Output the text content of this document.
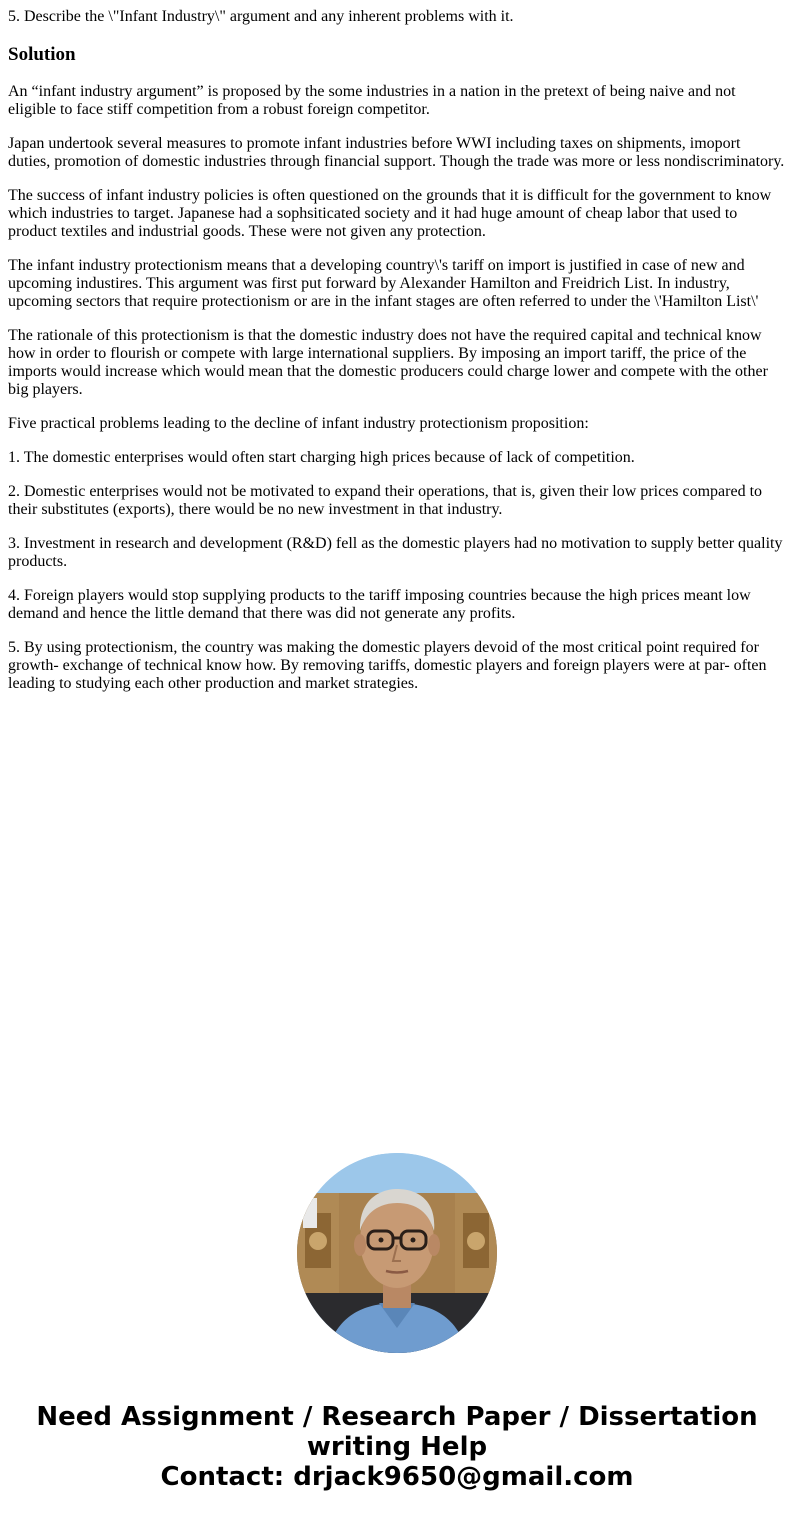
5. Describe the \"Infant Industry\" argument and any inherent problems with it.

Solution

An “infant industry argument” is proposed by the some industries in a nation in the pretext of being naive and not eligible to face stiff competition from a robust foreign competitor.

Japan undertook several measures to promote infant industries before WWI including taxes on shipments, imoport duties, promotion of domestic industries through financial support. Though the trade was more or less nondiscriminatory.

The success of infant industry policies is often questioned on the grounds that it is difficult for the government to know which industries to target. Japanese had a sophsiticated society and it had huge amount of cheap labor that used to product textiles and industrial goods. These were not given any protection.

The infant industry protectionism means that a developing country\'s tariff on import is justified in case of new and upcoming industires. This argument was first put forward by Alexander Hamilton and Freidrich List. In industry, upcoming sectors that require protectionism or are in the infant stages are often referred to under the \'Hamilton List\'

The rationale of this protectionism is that the domestic industry does not have the required capital and technical know how in order to flourish or compete with large international suppliers. By imposing an import tariff, the price of the imports would increase which would mean that the domestic producers could charge lower and compete with the other big players.

Five practical problems leading to the decline of infant industry protectionism proposition:

1. The domestic enterprises would often start charging high prices because of lack of competition.

2. Domestic enterprises would not be motivated to expand their operations, that is, given their low prices compared to their substitutes (exports), there would be no new investment in that industry.

3. Investment in research and development (R&D) fell as the domestic players had no motivation to supply better quality products.

4. Foreign players would stop supplying products to the tariff imposing countries because the high prices meant low demand and hence the little demand that there was did not generate any profits.

5. By using protectionism, the country was making the domestic players devoid of the most critical point required for growth- exchange of technical know how. By removing tariffs, domestic players and foreign players were at par- often leading to studying each other production and market strategies.

Need Assignment / Research Paper / Dissertation
writing Help
Contact: drjack9650@gmail.com
